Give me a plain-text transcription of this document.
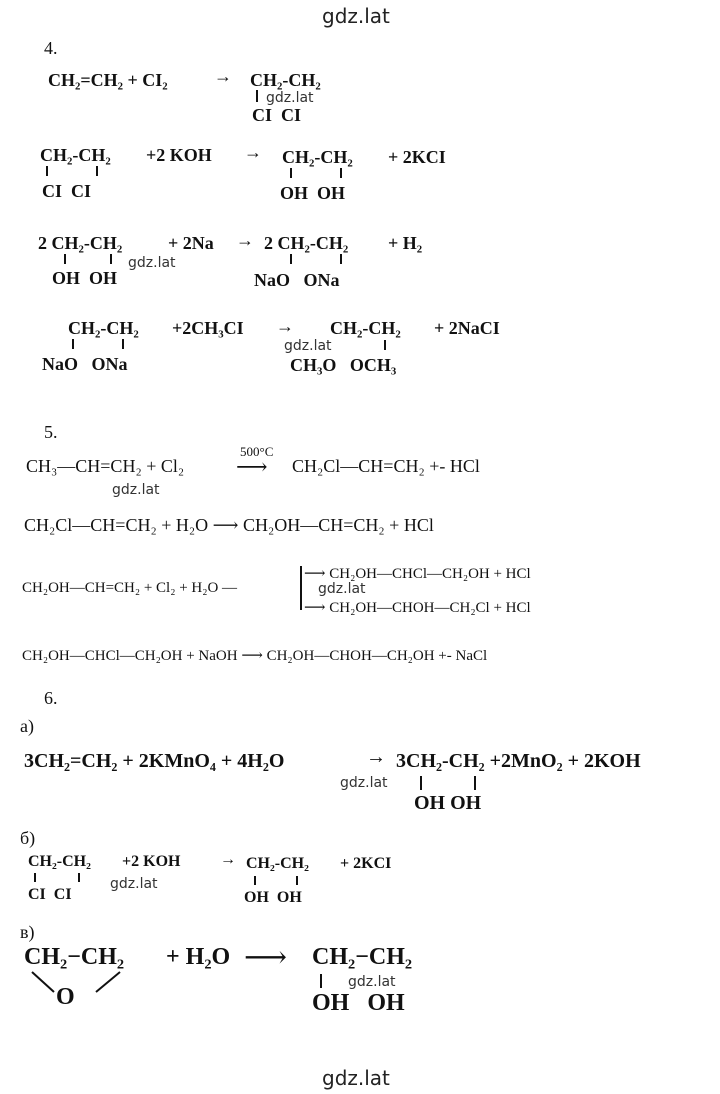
gdz.lat
4.
CH₂=CH₂ + CI₂	→ CH₂-CH₂
gdz.lat
CI  CI
CH₂-CH₂
CI  CI
+2 KOH → CH₂-CH₂
OH  OH
+ 2KCI
2 CH₂-CH₂
gdz.lat
OH  OH
+ 2Na → 2 CH₂-CH₂
NaO   ONa
+ H₂
CH₂-CH₂
NaO   ONa
+2CH₃CI →
gdz.lat
CH₂-CH₂
CH₃O   OCH₃
+ 2NaCI
5.
CH₃—CH=CH₂ + Cl₂
500°C
⟶ CH₂Cl—CH=CH₂ +- HCl
gdz.lat
CH₂Cl—CH=CH₂ + H₂O ⟶ CH₂OH—CH=CH₂ + HCl
CH₂OH—CH=CH₂ + Cl₂ + H₂O —
⟶ CH₂OH—CHCl—CH₂OH + HCl
gdz.lat
⟶ CH₂OH—CHOH—CH₂Cl + HCl
CH₂OH—CHCl—CH₂OH + NaOH ⟶ CH₂OH—CHOH—CH₂OH +- NaCl
6.
а)
3CH₂=CH₂ + 2KMnO₄ + 4H₂O	→
gdz.lat
3CH₂-CH₂ +2MnO₂ + 2KOH
OH OH
б)
CH₂-CH₂
CI  CI
gdz.lat
+2 KOH → CH₂-CH₂
OH  OH
+ 2KCI
в)
CH₂−CH₂
O
+ H₂O ⟶ CH₂−CH₂
gdz.lat
OH   OH
gdz.lat
